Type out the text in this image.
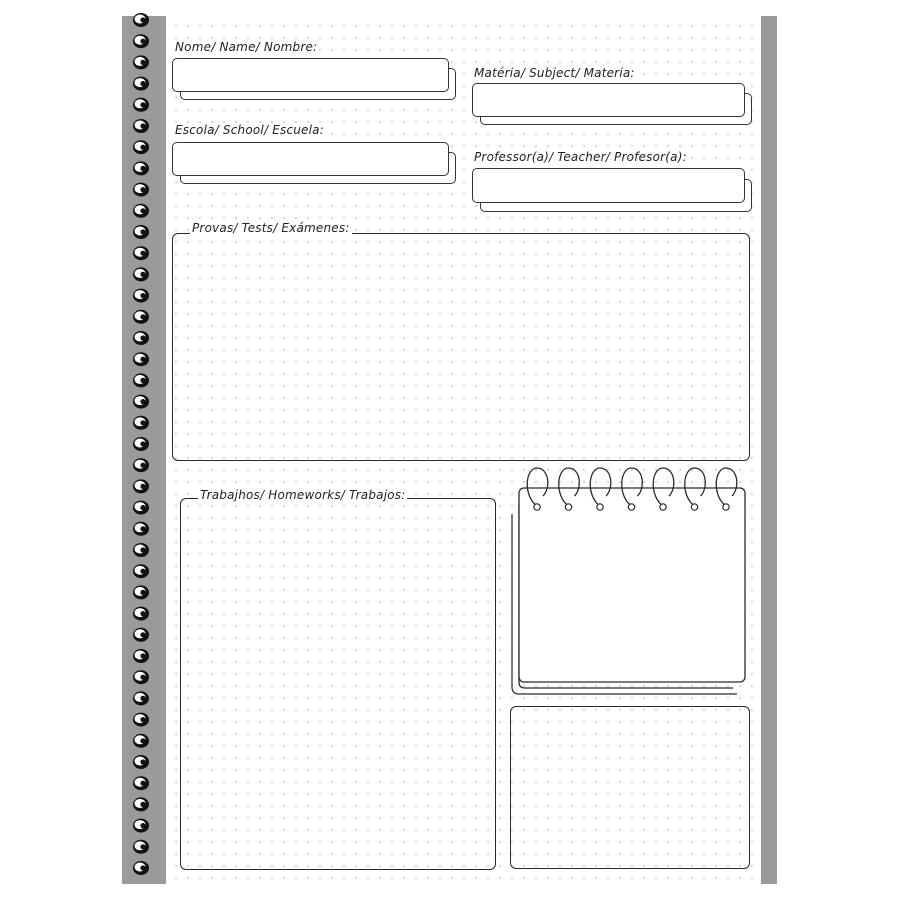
Nome/ Name/ Nombre:
Escola/ School/ Escuela:
Matéria/ Subject/ Materia:
Professor(a)/ Teacher/ Profesor(a):
Provas/ Tests/ Exámenes:
Trabajhos/ Homeworks/ Trabajos:
